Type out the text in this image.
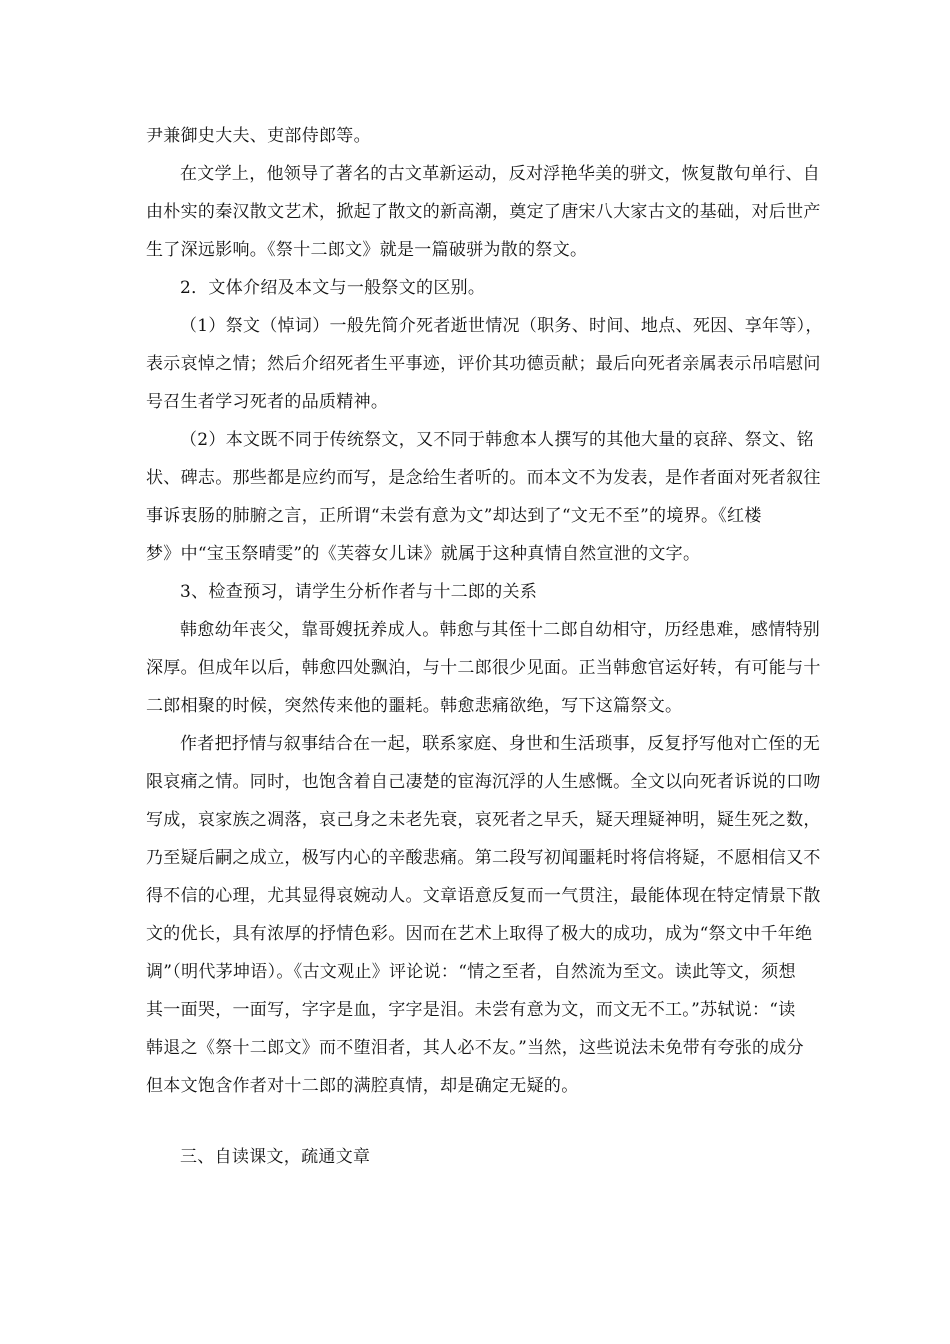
尹兼御史大夫、吏部侍郎等。
在文学上，他领导了著名的古文革新运动，反对浮艳华美的骈文，恢复散句单行、自
由朴实的秦汉散文艺术，掀起了散文的新高潮，奠定了唐宋八大家古文的基础，对后世产
生了深远影响。《祭十二郎文》就是一篇破骈为散的祭文。
2．文体介绍及本文与一般祭文的区别。
（1）祭文（悼词）一般先简介死者逝世情况（职务、时间、地点、死因、享年等），
表示哀悼之情；然后介绍死者生平事迹，评价其功德贡献；最后向死者亲属表示吊唁慰问
号召生者学习死者的品质精神。
（2）本文既不同于传统祭文，又不同于韩愈本人撰写的其他大量的哀辞、祭文、铭
状、碑志。那些都是应约而写，是念给生者听的。而本文不为发表，是作者面对死者叙往
事诉衷肠的肺腑之言，正所谓“未尝有意为文”却达到了“文无不至”的境界。《红楼
梦》中“宝玉祭晴雯”的《芙蓉女儿诔》就属于这种真情自然宣泄的文字。
3、检查预习，请学生分析作者与十二郎的关系
韩愈幼年丧父，靠哥嫂抚养成人。韩愈与其侄十二郎自幼相守，历经患难，感情特别
深厚。但成年以后，韩愈四处飘泊，与十二郎很少见面。正当韩愈官运好转，有可能与十
二郎相聚的时候，突然传来他的噩耗。韩愈悲痛欲绝，写下这篇祭文。
作者把抒情与叙事结合在一起，联系家庭、身世和生活琐事，反复抒写他对亡侄的无
限哀痛之情。同时，也饱含着自己凄楚的宦海沉浮的人生感慨。全文以向死者诉说的口吻
写成，哀家族之凋落，哀己身之未老先衰，哀死者之早夭，疑天理疑神明，疑生死之数，
乃至疑后嗣之成立，极写内心的辛酸悲痛。第二段写初闻噩耗时将信将疑，不愿相信又不
得不信的心理，尤其显得哀婉动人。文章语意反复而一气贯注，最能体现在特定情景下散
文的优长，具有浓厚的抒情色彩。因而在艺术上取得了极大的成功，成为“祭文中千年绝
调”（明代茅坤语）。《古文观止》评论说：“情之至者，自然流为至文。读此等文，须想
其一面哭，一面写，字字是血，字字是泪。未尝有意为文，而文无不工。”苏轼说：“读
韩退之《祭十二郎文》而不堕泪者，其人必不友。”当然，这些说法未免带有夸张的成分
但本文饱含作者对十二郎的满腔真情，却是确定无疑的。
三、自读课文，疏通文章
